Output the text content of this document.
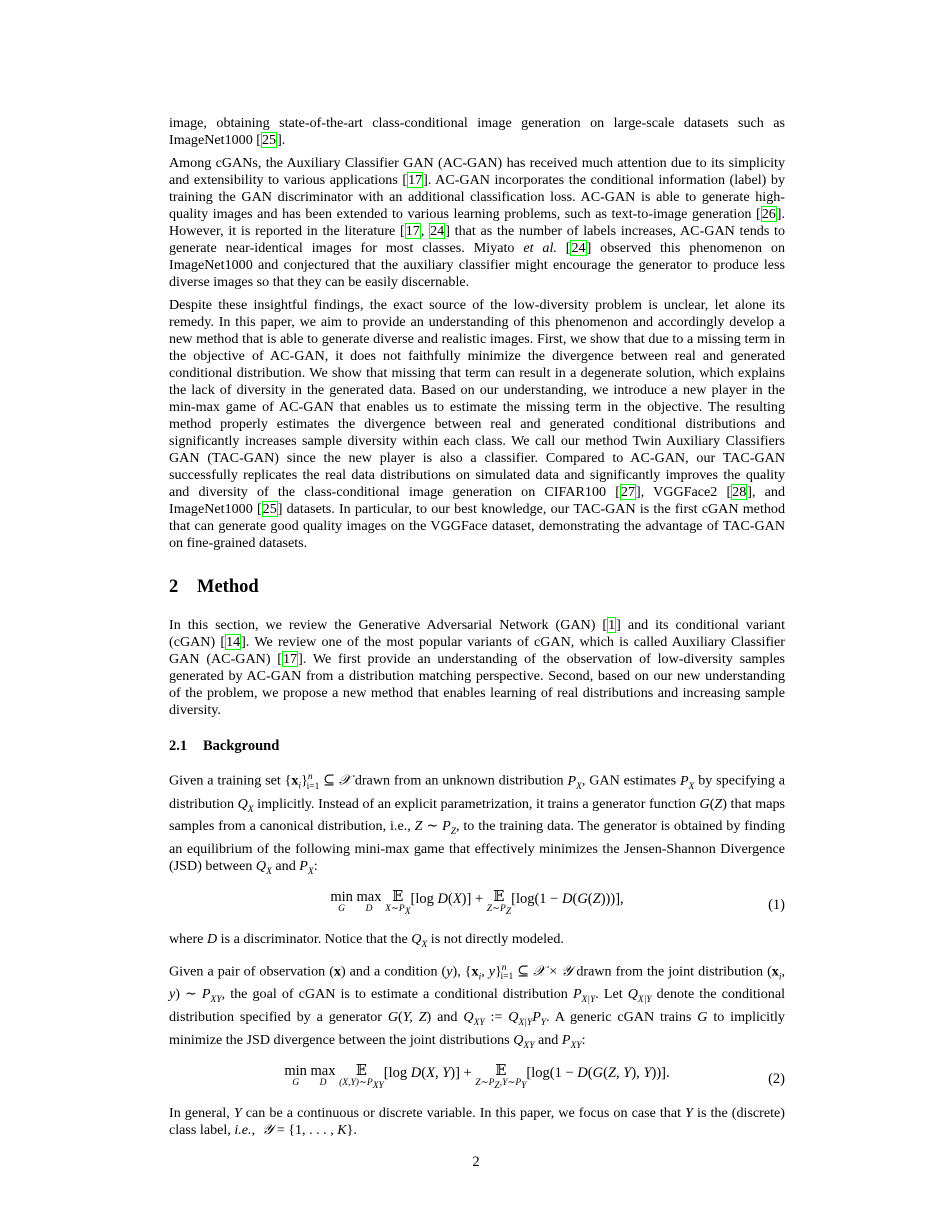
image, obtaining state-of-the-art class-conditional image generation on large-scale datasets such as ImageNet1000 [25].

Among cGANs, the Auxiliary Classifier GAN (AC-GAN) has received much attention due to its simplicity and extensibility to various applications [17]. AC-GAN incorporates the conditional information (label) by training the GAN discriminator with an additional classification loss. AC-GAN is able to generate high-quality images and has been extended to various learning problems, such as text-to-image generation [26]. However, it is reported in the literature [17, 24] that as the number of labels increases, AC-GAN tends to generate near-identical images for most classes. Miyato et al. [24] observed this phenomenon on ImageNet1000 and conjectured that the auxiliary classifier might encourage the generator to produce less diverse images so that they can be easily discernable.

Despite these insightful findings, the exact source of the low-diversity problem is unclear, let alone its remedy. In this paper, we aim to provide an understanding of this phenomenon and accordingly develop a new method that is able to generate diverse and realistic images. First, we show that due to a missing term in the objective of AC-GAN, it does not faithfully minimize the divergence between real and generated conditional distribution. We show that missing that term can result in a degenerate solution, which explains the lack of diversity in the generated data. Based on our understanding, we introduce a new player in the min-max game of AC-GAN that enables us to estimate the missing term in the objective. The resulting method properly estimates the divergence between real and generated conditional distributions and significantly increases sample diversity within each class. We call our method Twin Auxiliary Classifiers GAN (TAC-GAN) since the new player is also a classifier. Compared to AC-GAN, our TAC-GAN successfully replicates the real data distributions on simulated data and significantly improves the quality and diversity of the class-conditional image generation on CIFAR100 [27], VGGFace2 [28], and ImageNet1000 [25] datasets. In particular, to our best knowledge, our TAC-GAN is the first cGAN method that can generate good quality images on the VGGFace dataset, demonstrating the advantage of TAC-GAN on fine-grained datasets.

2 Method

In this section, we review the Generative Adversarial Network (GAN) [1] and its conditional variant (cGAN) [14]. We review one of the most popular variants of cGAN, which is called Auxiliary Classifier GAN (AC-GAN) [17]. We first provide an understanding of the observation of low-diversity samples generated by AC-GAN from a distribution matching perspective. Second, based on our new understanding of the problem, we propose a new method that enables learning of real distributions and increasing sample diversity.

2.1 Background

Given a training set $\{x_i\}^n_{i=1}$ ⊆ 𝒳 drawn from an unknown distribution $P_X$, GAN estimates $P_X$ by specifying a distribution $Q_X$ implicitly. Instead of an explicit parametrization, it trains a generator function G(Z) that maps samples from a canonical distribution, i.e., Z ∼ $P_Z$, to the training data. The generator is obtained by finding an equilibrium of the following mini-max game that effectively minimizes the Jensen-Shannon Divergence (JSD) between $Q_X$ and $P_X$:

min
G
max
D
𝔼
$X\sim P_X$
[log D(X)] + 𝔼
$Z\sim P_Z$
[log(1 − D(G(Z)))],	(1)

where D is a discriminator. Notice that the $Q_X$ is not directly modeled.

Given a pair of observation (x) and a condition (y), {$x_i$, y}$^n_{i=1}$ ⊆ 𝒳 × 𝒴 drawn from the joint distribution ($x_i$, y) ∼ $P_{XY}$, the goal of cGAN is to estimate a conditional distribution $P_{X|Y}$. Let $Q_{X|Y}$ denote the conditional distribution specified by a generator G(Y, Z) and $Q_{XY}$ := $Q_{X|Y}P_Y$. A generic cGAN trains G to implicitly minimize the JSD divergence between the joint distributions $Q_{XY}$ and $P_{XY}$:

min
G
max
D
𝔼
$(X,Y)\sim P_{XY}$
[log D(X, Y)] + 𝔼
$Z\sim P_Z,Y\sim P_Y$
[log(1 − D(G(Z, Y), Y))].	(2)

In general, Y can be a continuous or discrete variable. In this paper, we focus on case that Y is the (discrete) class label, i.e.,  𝒴 = {1, . . . , K}.

2
